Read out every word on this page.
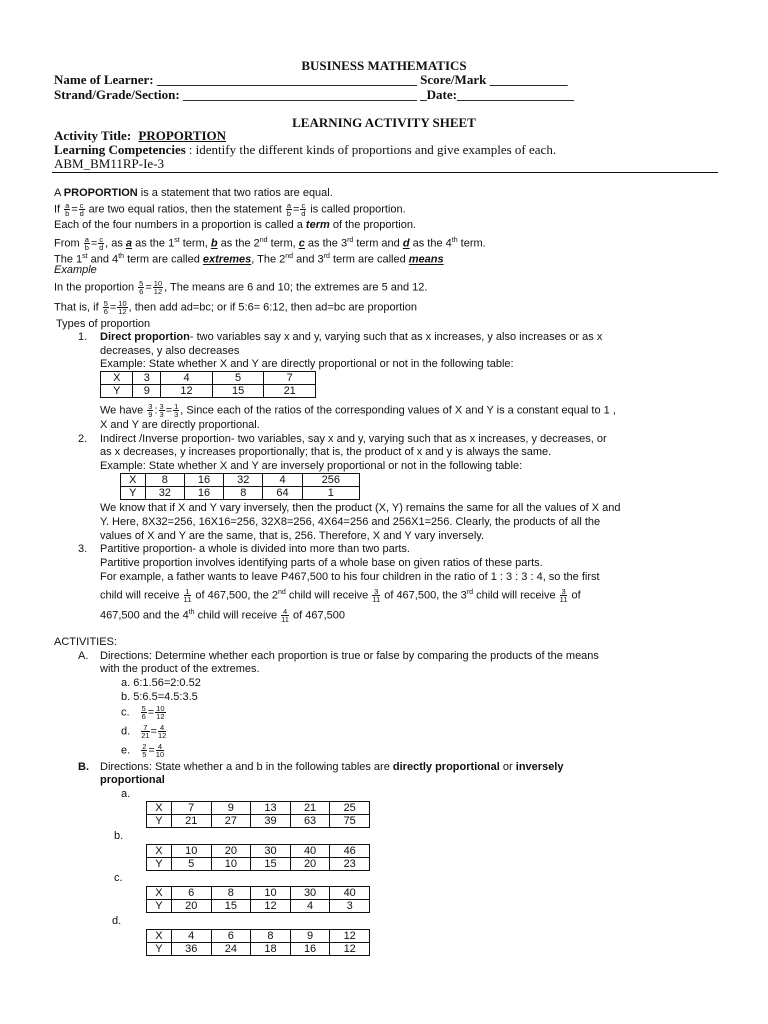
BUSINESS MATHEMATICS
Name of Learner: ________________________________________ Score/Mark ____________
Strand/Grade/Section: ____________________________________ _Date:__________________
LEARNING ACTIVITY SHEET
Activity Title: PROPORTION
Learning Competencies : identify the different kinds of proportions and give examples of each.
ABM_BM11RP-Ie-3
A PROPORTION is a statement that two ratios are equal.
If $\frac{a}{b} = \frac{c}{d}$ are two equal ratios, then the statement $\frac{a}{b} = \frac{c}{d}$ is called proportion.
Each of the four numbers in a proportion is called a term of the proportion.
From $\frac{a}{b} = \frac{c}{d}$ , as a as the 1st term, b as the 2nd term, c as the 3rd term and d as the 4th term.
The 1st and 4th term are called extremes, The 2nd and 3rd term are called means
Example
In the proportion $\frac{5}{6} = \frac{10}{12}$ , The means are 6 and 10; the extremes are 5 and 12.
That is, if $\frac{5}{6} = \frac{10}{12}$ , then add ad=bc; or if 5:6= 6:12, then ad=bc are proportion
Types of proportion
1. Direct proportion- two variables say x and y, varying such that as x increases, y also increases or as x
decreases, y also decreases
Example: State whether X and Y are directly proportional or not in the following table:
X	3	4	5	7
Y	9	12	15	21
We have $\frac{3}{9}$ : $\frac{3}{3} = \frac{1}{3}$ , Since each of the ratios of the corresponding values of X and Y is a constant equal to 1 ,
X and Y are directly proportional.
2. Indirect /Inverse proportion- two variables, say x and y, varying such that as x increases, y decreases, or
as x decreases, y increases proportionally; that is, the product of x and y is always the same.
Example: State whether X and Y are inversely proportional or not in the following table:
X	8	16	32	4	256
Y	32	16	8	64	1
We know that if X and Y vary inversely, then the product (X, Y) remains the same for all the values of X and
Y. Here, 8X32=256, 16X16=256, 32X8=256, 4X64=256 and 256X1=256. Clearly, the products of all the
values of X and Y are the same, that is, 256. Therefore, X and Y vary inversely.
3. Partitive proportion- a whole is divided into more than two parts.
Partitive proportion involves identifying parts of a whole base on given ratios of these parts.
For example, a father wants to leave P467,500 to his four children in the ratio of 1 : 3 : 3 : 4, so the first
child will receive $\frac{1}{11}$ of 467,500, the 2nd child will receive $\frac{3}{11}$ of 467,500, the 3rd child will receive $\frac{3}{11}$ of
467,500 and the 4th child will receive $\frac{4}{11}$ of 467,500
ACTIVITIES:
A. Directions: Determine whether each proportion is true or false by comparing the products of the means
with the product of the extremes.
a. 6:1.56=2:0.52
b. 5:6.5=4.5:3.5
c. $\frac{5}{6} = \frac{10}{12}$
d. $\frac{7}{21} = \frac{4}{12}$
e. $\frac{2}{5} = \frac{4}{10}$
B. Directions: State whether a and b in the following tables are directly proportional or inversely
proportional
a.
X	7	9	13	21	25
Y	21	27	39	63	75
b.
X	10	20	30	40	46
Y	5	10	15	20	23
c.
X	6	8	10	30	40
Y	20	15	12	4	3
d.
X	4	6	8	9	12
Y	36	24	18	16	12
